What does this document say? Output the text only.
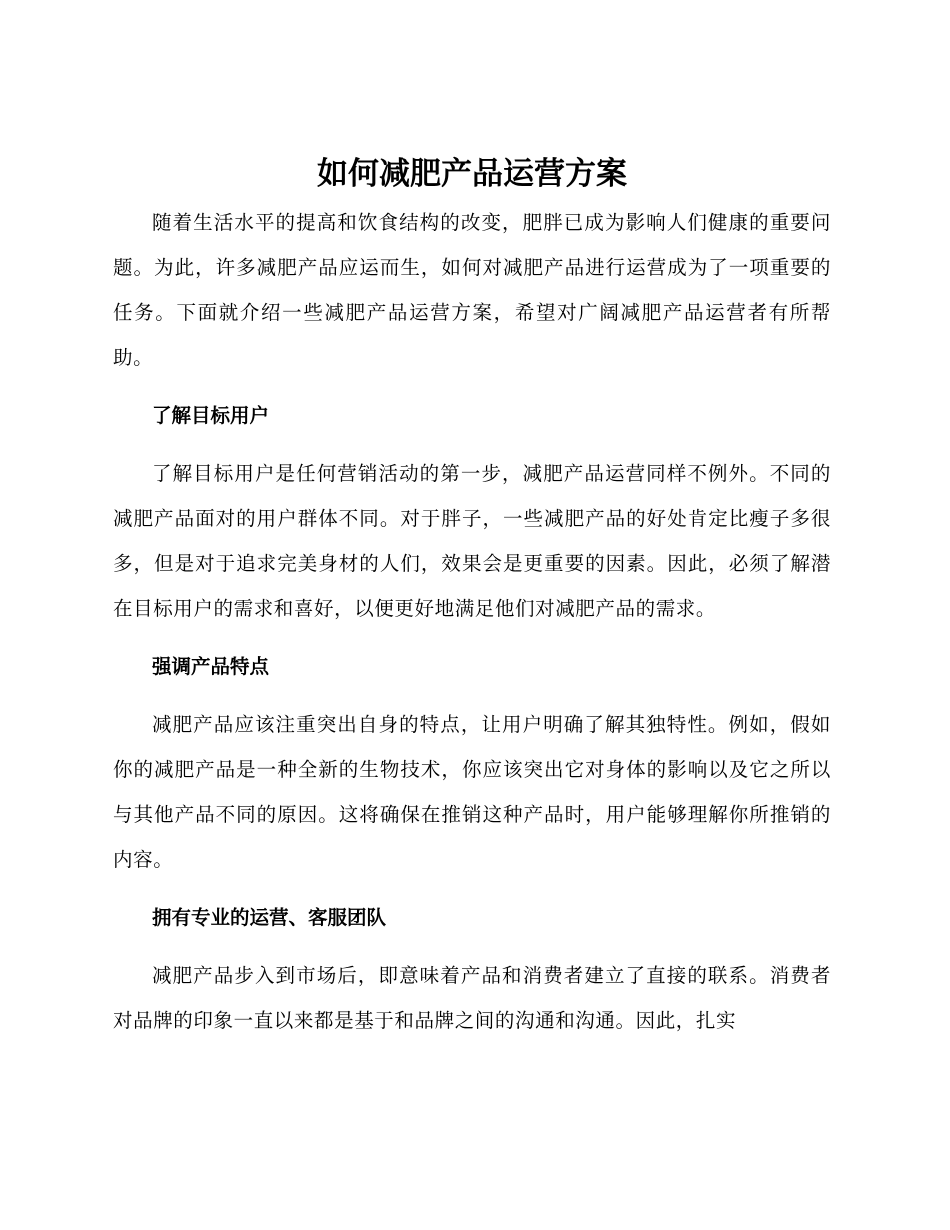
如何减肥产品运营方案

随着生活水平的提高和饮食结构的改变，肥胖已成为影响人们健康的重要问题。为此，许多减肥产品应运而生，如何对减肥产品进行运营成为了一项重要的任务。下面就介绍一些减肥产品运营方案，希望对广阔减肥产品运营者有所帮助。

了解目标用户

了解目标用户是任何营销活动的第一步，减肥产品运营同样不例外。不同的减肥产品面对的用户群体不同。对于胖子，一些减肥产品的好处肯定比瘦子多很多，但是对于追求完美身材的人们，效果会是更重要的因素。因此，必须了解潜在目标用户的需求和喜好，以便更好地满足他们对减肥产品的需求。

强调产品特点

减肥产品应该注重突出自身的特点，让用户明确了解其独特性。例如，假如你的减肥产品是一种全新的生物技术，你应该突出它对身体的影响以及它之所以与其他产品不同的原因。这将确保在推销这种产品时，用户能够理解你所推销的内容。

拥有专业的运营、客服团队

减肥产品步入到市场后，即意味着产品和消费者建立了直接的联系。消费者对品牌的印象一直以来都是基于和品牌之间的沟通和沟通。因此，扎实
